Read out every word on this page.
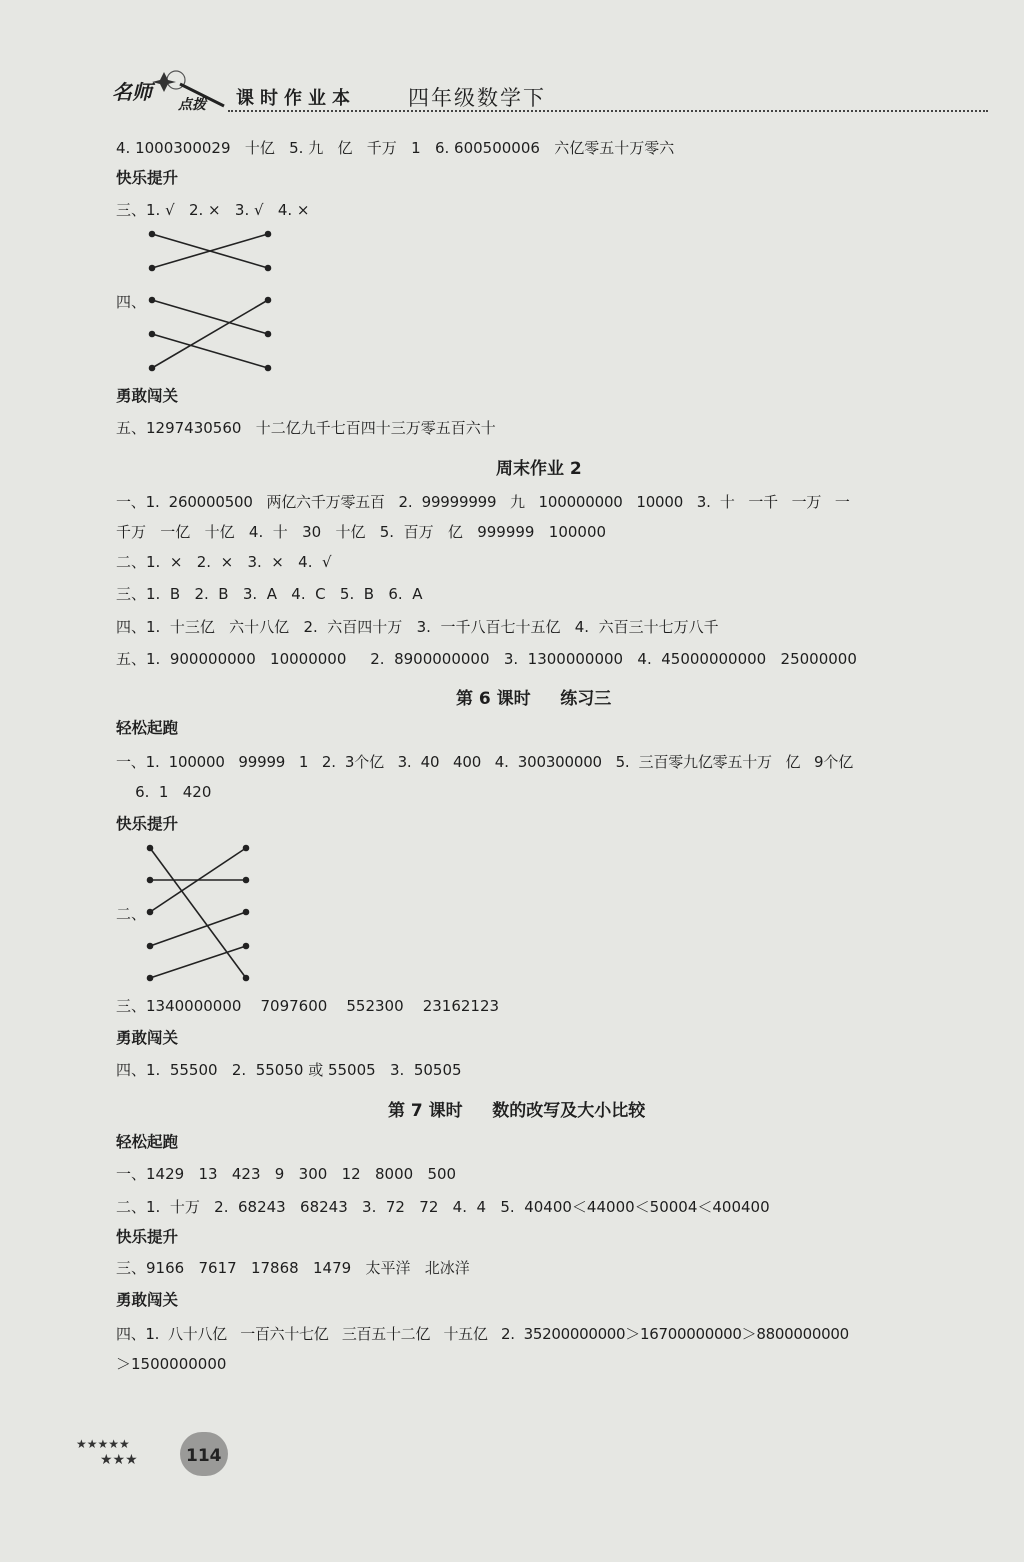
名师
点拨 课时作业本 四年级数学下
4. 1000300029   十亿   5. 九   亿   千万   1   6. 600500006   六亿零五十万零六
快乐提升
三、1. √   2. ×   3. √   4. ×
四、
勇敢闯关
五、1297430560   十二亿九千七百四十三万零五百六十
周末作业 2
一、1.  260000500   两亿六千万零五百   2.  99999999   九   100000000   10000   3.  十   一千   一万   一
千万   一亿   十亿   4.  十   30   十亿   5.  百万   亿   999999   100000
二、1.  ×   2.  ×   3.  ×   4.  √
三、1.  B   2.  B   3.  A   4.  C   5.  B   6.  A
四、1.  十三亿   六十八亿   2.  六百四十万   3.  一千八百七十五亿   4.  六百三十七万八千
五、1.  900000000   10000000     2.  8900000000   3.  1300000000   4.  45000000000   25000000
第 6 课时     练习三
轻松起跑
一、1.  100000   99999   1   2.  3个亿   3.  40   400   4.  300300000   5.  三百零九亿零五十万   亿   9个亿
6.  1   420
快乐提升
二、
三、1340000000    7097600    552300    23162123
勇敢闯关
四、1.  55500   2.  55050 或 55005   3.  50505
第 7 课时     数的改写及大小比较
轻松起跑
一、1429   13   423   9   300   12   8000   500
二、1.  十万   2.  68243   68243   3.  72   72   4.  4   5.  40400＜44000＜50004＜400400
快乐提升
三、9166   7617   17868   1479   太平洋   北冰洋
勇敢闯关
四、1.  八十八亿   一百六十七亿   三百五十二亿   十五亿   2.  35200000000＞16700000000＞8800000000
＞1500000000
★★★★★
★★★	114
